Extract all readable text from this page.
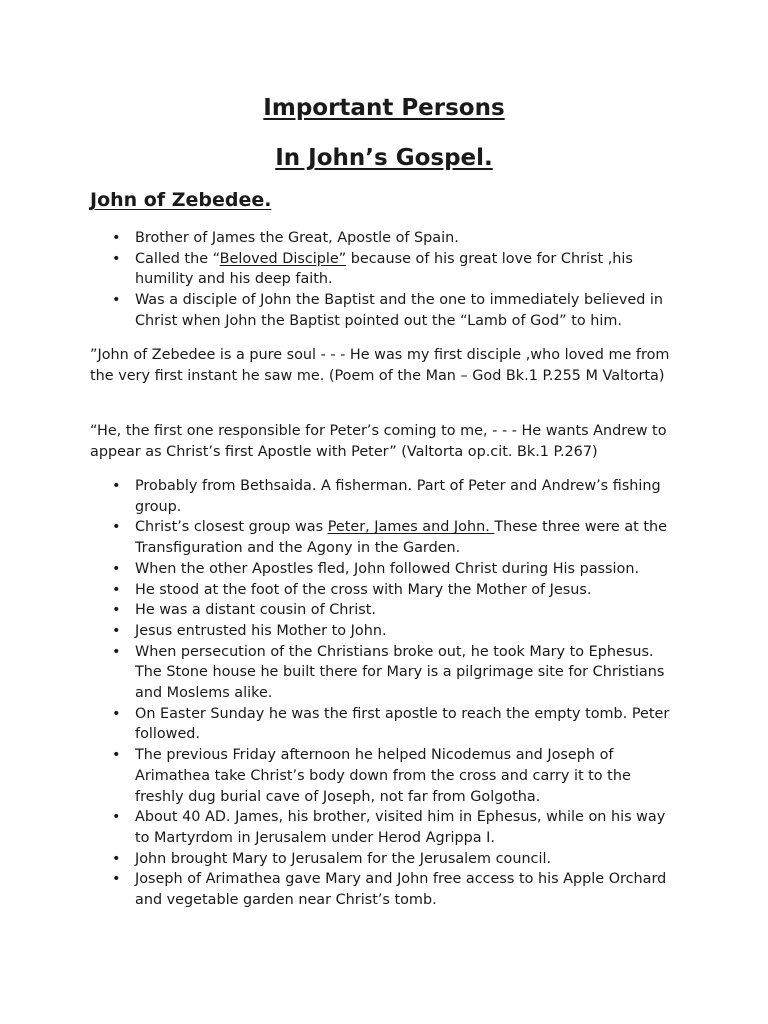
Important Persons
In John’s Gospel.
John of Zebedee.
• Brother of James the Great, Apostle of Spain.
• Called the “Beloved Disciple” because of his great love for Christ ,his humility and his deep faith.
• Was a disciple of John the Baptist and the one to immediately believed in Christ when John the Baptist pointed out the “Lamb of God” to him.

”John of Zebedee is a pure soul - - - He was my first disciple ,who loved me from the very first instant he saw me. (Poem of the Man – God Bk.1 P.255 M Valtorta)

“He, the first one responsible for Peter’s coming to me, - - - He wants Andrew to appear as Christ’s first Apostle with Peter” (Valtorta op.cit. Bk.1 P.267)

• Probably from Bethsaida. A fisherman. Part of Peter and Andrew’s fishing group.
• Christ’s closest group was Peter, James and John. These three were at the Transfiguration and the Agony in the Garden.
• When the other Apostles fled, John followed Christ during His passion.
• He stood at the foot of the cross with Mary the Mother of Jesus.
• He was a distant cousin of Christ.
• Jesus entrusted his Mother to John.
• When persecution of the Christians broke out, he took Mary to Ephesus. The Stone house he built there for Mary is a pilgrimage site for Christians and Moslems alike.
• On Easter Sunday he was the first apostle to reach the empty tomb. Peter followed.
• The previous Friday afternoon he helped Nicodemus and Joseph of Arimathea take Christ’s body down from the cross and carry it to the freshly dug burial cave of Joseph, not far from Golgotha.
• About 40 AD. James, his brother, visited him in Ephesus, while on his way to Martyrdom in Jerusalem under Herod Agrippa I.
• John brought Mary to Jerusalem for the Jerusalem council.
• Joseph of Arimathea gave Mary and John free access to his Apple Orchard and vegetable garden near Christ’s tomb.
